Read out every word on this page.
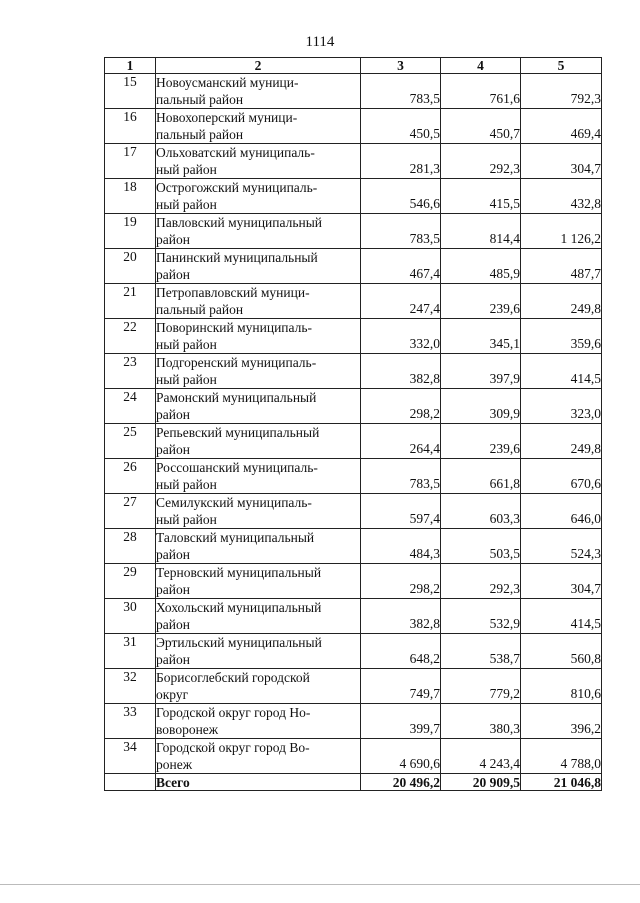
1114
1	2	3	4	5
15	Новоусманский муници-
пальный район	783,5	761,6	792,3

16	Новохоперский муници-
пальный район	450,5	450,7	469,4

17	Ольховатский муниципаль-
ный район	281,3	292,3	304,7

18	Острогожский муниципаль-
ный район	546,6	415,5	432,8

19	Павловский муниципальный
район	783,5	814,4	1 126,2

20	Панинский муниципальный
район	467,4	485,9	487,7

21	Петропавловский муници-
пальный район	247,4	239,6	249,8

22	Поворинский муниципаль-
ный район	332,0	345,1	359,6

23	Подгоренский муниципаль-
ный район	382,8	397,9	414,5

24	Рамонский муниципальный
район	298,2	309,9	323,0

25	Репьевский муниципальный
район	264,4	239,6	249,8

26	Россошанский муниципаль-
ный район	783,5	661,8	670,6

27	Семилукский муниципаль-
ный район	597,4	603,3	646,0

28	Таловский муниципальный
район	484,3	503,5	524,3

29	Терновский муниципальный
район	298,2	292,3	304,7

30	Хохольский муниципальный
район	382,8	532,9	414,5

31	Эртильский муниципальный
район	648,2	538,7	560,8

32	Борисоглебский городской
округ	749,7	779,2	810,6

33	Городской округ город Но-
воворонеж	399,7	380,3	396,2

34	Городской округ город Во-
ронеж	4 690,6	4 243,4	4 788,0

	Всего	20 496,2	20 909,5	21 046,8
